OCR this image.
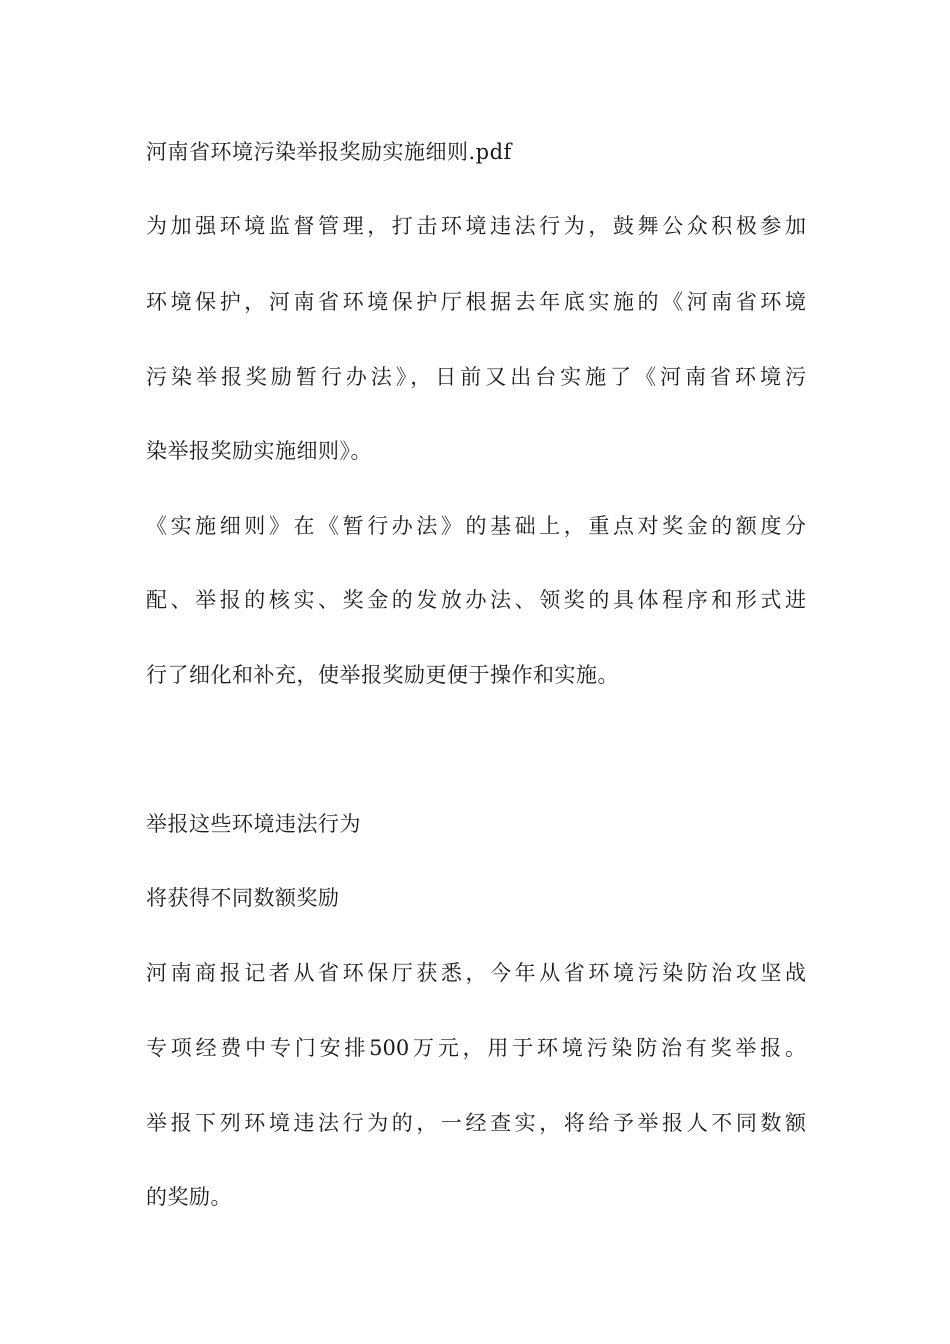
河南省环境污染举报奖励实施细则.pdf
为加强环境监督管理，打击环境违法行为，鼓舞公众积极参加
环境保护，河南省环境保护厅根据去年底实施的《河南省环境
污染举报奖励暂行办法》，日前又出台实施了《河南省环境污
染举报奖励实施细则》。
《实施细则》在《暂行办法》的基础上，重点对奖金的额度分
配、举报的核实、奖金的发放办法、领奖的具体程序和形式进
行了细化和补充，使举报奖励更便于操作和实施。
举报这些环境违法行为
将获得不同数额奖励
河南商报记者从省环保厅获悉，今年从省环境污染防治攻坚战
专项经费中专门安排500万元，用于环境污染防治有奖举报。
举报下列环境违法行为的，一经查实，将给予举报人不同数额
的奖励。
